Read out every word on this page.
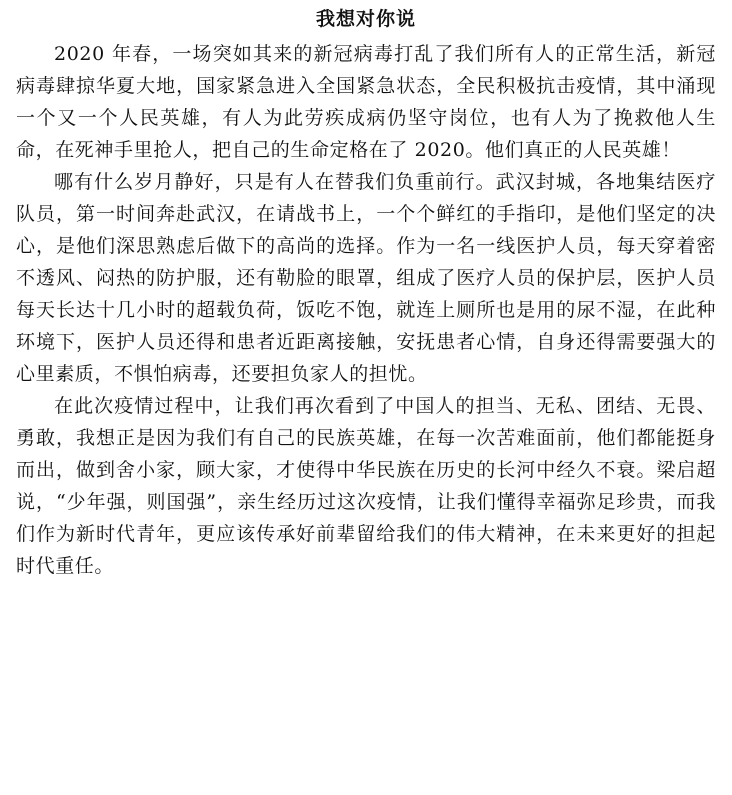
我想对你说

2020 年春，一场突如其来的新冠病毒打乱了我们所有人的正常生活，新冠病毒肆掠华夏大地，国家紧急进入全国紧急状态，全民积极抗击疫情，其中涌现一个又一个人民英雄，有人为此劳疾成病仍坚守岗位，也有人为了挽救他人生命，在死神手里抢人，把自己的生命定格在了 2020。他们真正的人民英雄！

哪有什么岁月静好，只是有人在替我们负重前行。武汉封城，各地集结医疗队员，第一时间奔赴武汉，在请战书上，一个个鲜红的手指印，是他们坚定的决心，是他们深思熟虑后做下的高尚的选择。作为一名一线医护人员，每天穿着密不透风、闷热的防护服，还有勒脸的眼罩，组成了医疗人员的保护层，医护人员每天长达十几小时的超载负荷，饭吃不饱，就连上厕所也是用的尿不湿，在此种环境下，医护人员还得和患者近距离接触，安抚患者心情，自身还得需要强大的心里素质，不惧怕病毒，还要担负家人的担忧。

在此次疫情过程中，让我们再次看到了中国人的担当、无私、团结、无畏、勇敢，我想正是因为我们有自己的民族英雄，在每一次苦难面前，他们都能挺身而出，做到舍小家，顾大家，才使得中华民族在历史的长河中经久不衰。梁启超说，“少年强，则国强”，亲生经历过这次疫情，让我们懂得幸福弥足珍贵，而我们作为新时代青年，更应该传承好前辈留给我们的伟大精神，在未来更好的担起时代重任。
